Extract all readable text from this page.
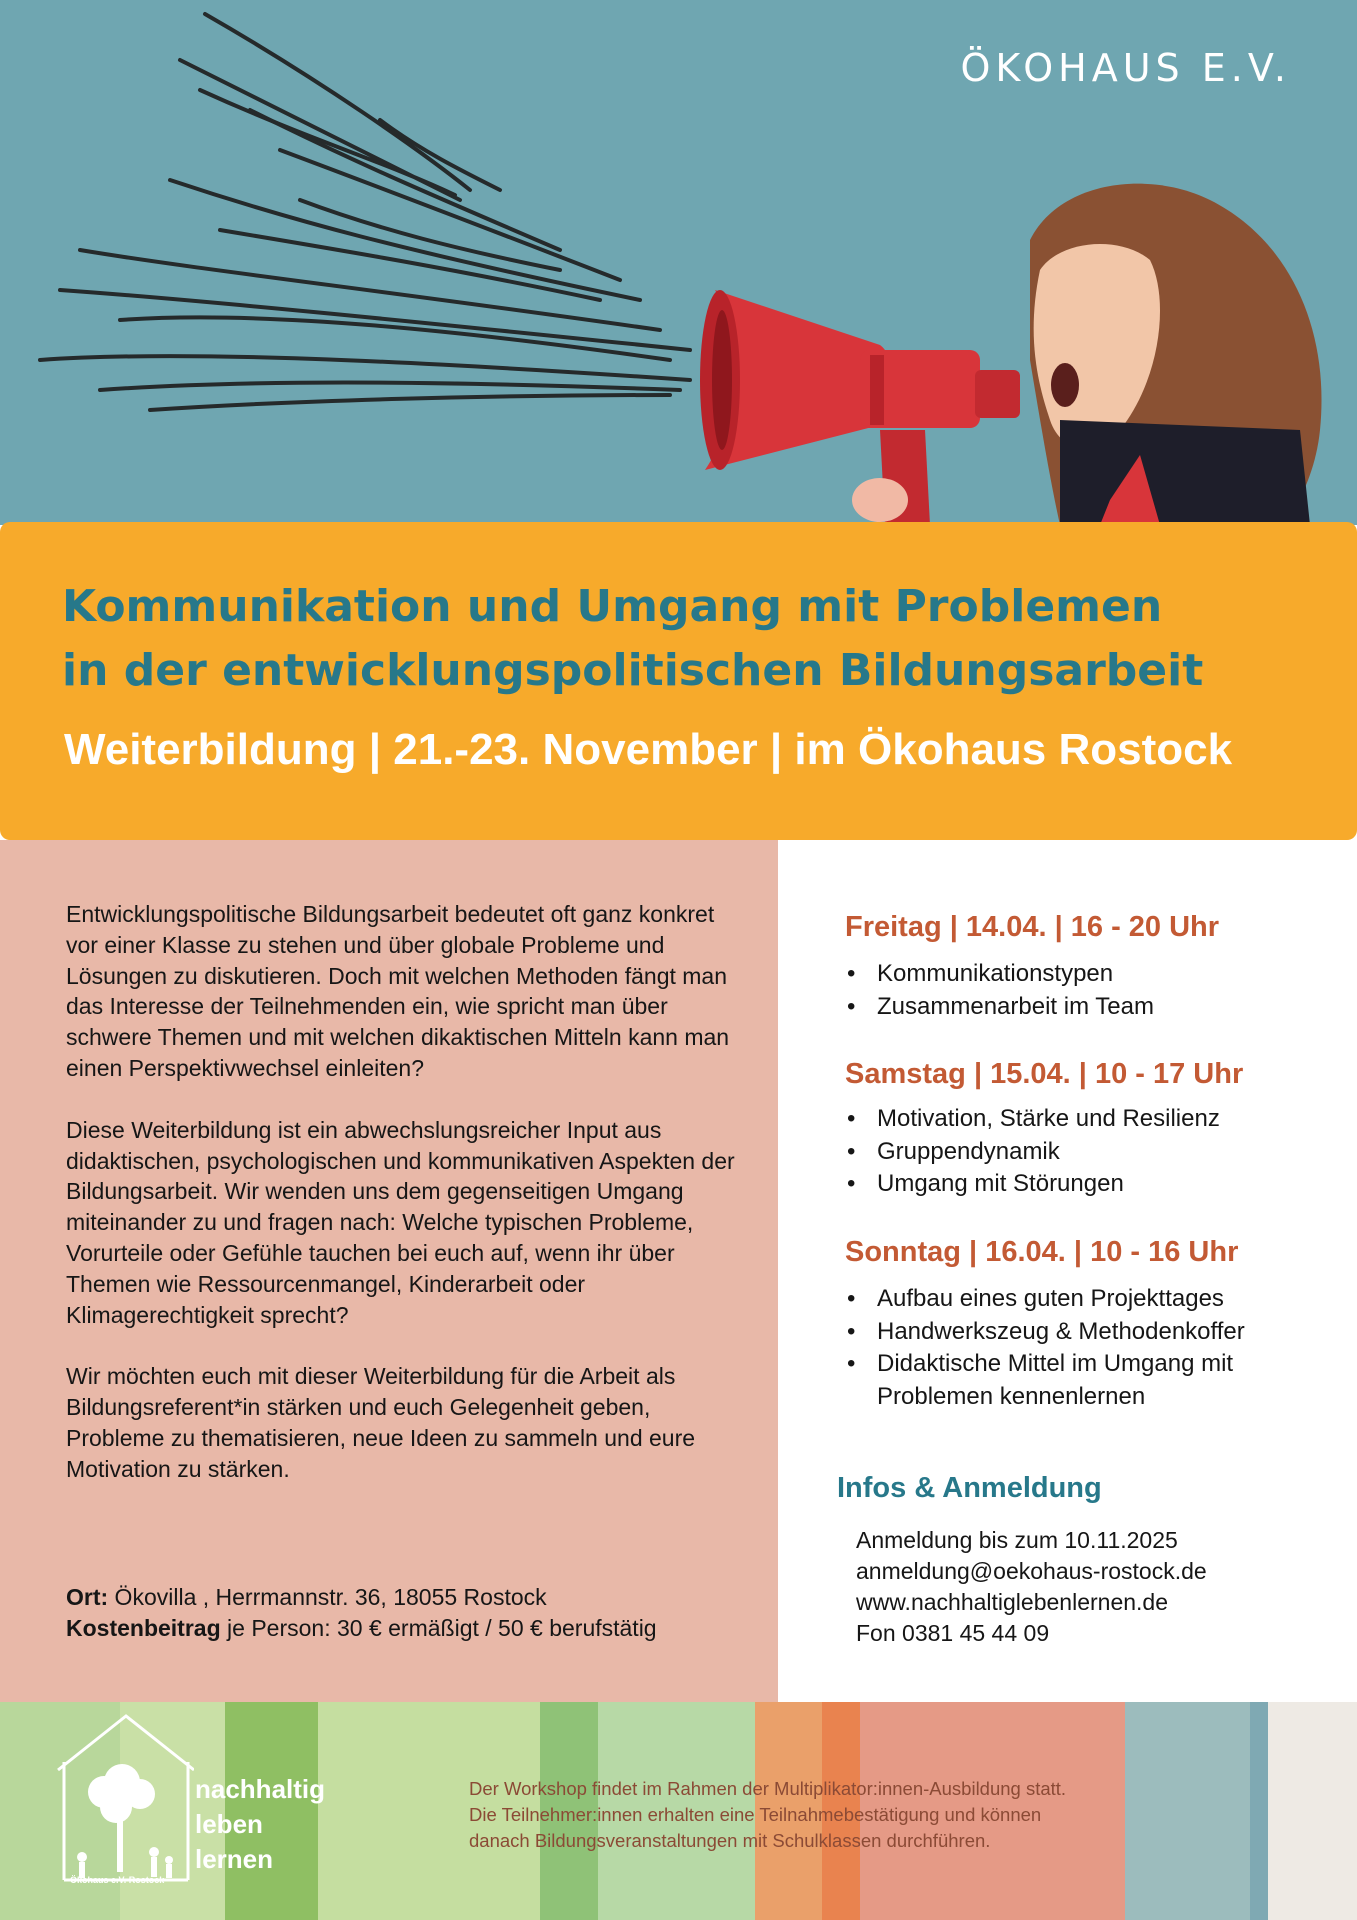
ÖKOHAUS E.V.
Kommunikation und Umgang mit Problemen
in der entwicklungspolitischen Bildungsarbeit
Weiterbildung | 21.-23. November | im Ökohaus Rostock

Entwicklungspolitische Bildungsarbeit bedeutet oft ganz konkret vor einer Klasse zu stehen und über globale Probleme und Lösungen zu diskutieren. Doch mit welchen Methoden fängt man das Interesse der Teilnehmenden ein, wie spricht man über schwere Themen und mit welchen dikaktischen Mitteln kann man einen Perspektivwechsel einleiten?

Diese Weiterbildung ist ein abwechslungsreicher Input aus didaktischen, psychologischen und kommunikativen Aspekten der Bildungsarbeit. Wir wenden uns dem gegenseitigen Umgang miteinander zu und fragen nach: Welche typischen Probleme, Vorurteile oder Gefühle tauchen bei euch auf, wenn ihr über Themen wie Ressourcenmangel, Kinderarbeit oder Klimagerechtigkeit sprecht?

Wir möchten euch mit dieser Weiterbildung für die Arbeit als Bildungsreferent*in stärken und euch Gelegenheit geben, Probleme zu thematisieren, neue Ideen zu sammeln und eure Motivation zu stärken.

Ort: Ökovilla , Herrmannstr. 36, 18055 Rostock
Kostenbeitrag je Person: 30 € ermäßigt / 50 € berufstätig
Freitag | 14.04. | 16 - 20 Uhr
• Kommunikationstypen
• Zusammenarbeit im Team
Samstag | 15.04. | 10 - 17 Uhr
• Motivation, Stärke und Resilienz
• Gruppendynamik
• Umgang mit Störungen
Sonntag | 16.04. | 10 - 16 Uhr
• Aufbau eines guten Projekttages
• Handwerkszeug & Methodenkoffer
• Didaktische Mittel im Umgang mit Problemen kennenlernen
Infos & Anmeldung
Anmeldung bis zum 10.11.2025
anmeldung@oekohaus-rostock.de
www.nachhaltiglebenlernen.de
Fon 0381 45 44 09
nachhaltig
leben
lernen
Ökohaus e.V. Rostock
Der Workshop findet im Rahmen der Multiplikator:innen-Ausbildung statt.
Die Teilnehmer:innen erhalten eine Teilnahmebestätigung und können
danach Bildungsveranstaltungen mit Schulklassen durchführen.
